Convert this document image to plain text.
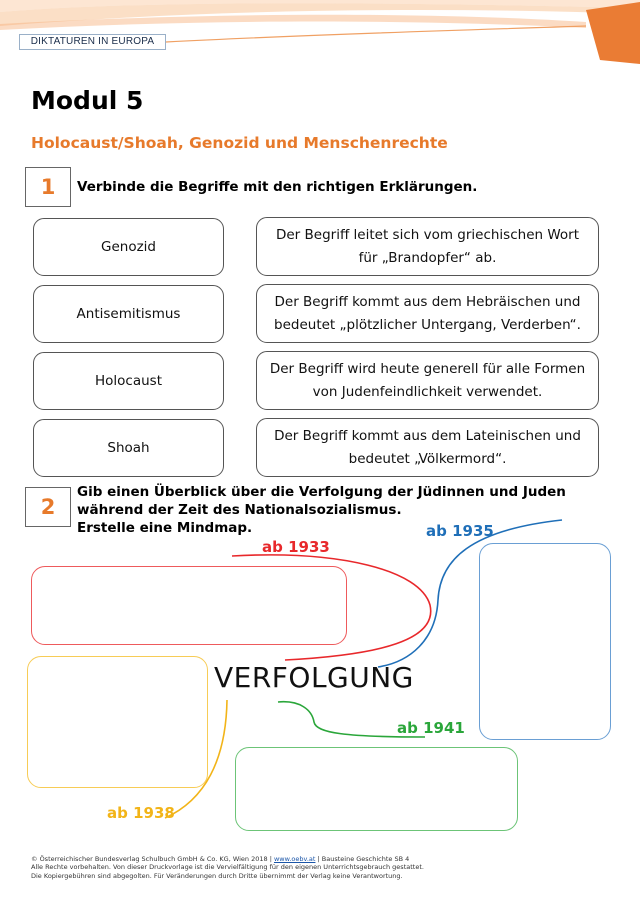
DIKTATUREN IN EUROPA
Modul 5
Holocaust/Shoah, Genozid und Menschenrechte
1	Verbinde die Begriffe mit den richtigen Erklärungen.
Genozid
Antisemitismus
Holocaust
Shoah
Der Begriff leitet sich vom griechischen Wort für „Brandopfer“ ab.
Der Begriff kommt aus dem Hebräischen und bedeutet „plötzlicher Untergang, Verderben“.
Der Begriff wird heute generell für alle Formen von Judenfeindlichkeit verwendet.
Der Begriff kommt aus dem Lateinischen und bedeutet „Völkermord“.
2
Gib einen Überblick über die Verfolgung der Jüdinnen und Juden
während der Zeit des Nationalsozialismus.
Erstelle eine Mindmap.
ab 1933
ab 1935
ab 1938
ab 1941
VERFOLGUNG
© Österreichischer Bundesverlag Schulbuch GmbH & Co. KG, Wien 2018 | www.oebv.at | Bausteine Geschichte SB 4
Alle Rechte vorbehalten. Von dieser Druckvorlage ist die Vervielfältigung für den eigenen Unterrichtsgebrauch gestattet.
Die Kopiergebühren sind abgegolten. Für Veränderungen durch Dritte übernimmt der Verlag keine Verantwortung.
